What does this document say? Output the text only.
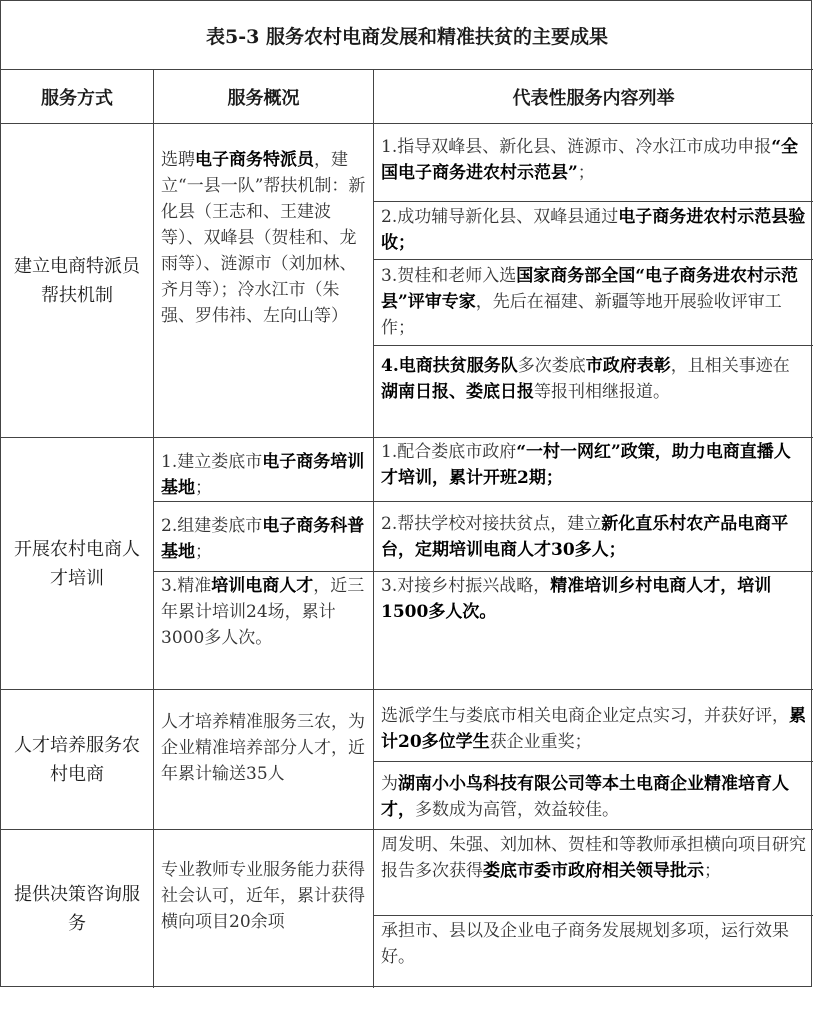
表5-3 服务农村电商发展和精准扶贫的主要成果
服务方式	服务概况	代表性服务内容列举
建立电商特派员帮扶机制
选聘电子商务特派员，建立“一县一队”帮扶机制：新化县（王志和、王建波等）、双峰县（贺桂和、龙雨等）、涟源市（刘加林、齐月等）；冷水江市（朱强、罗伟祎、左向山等）
1.指导双峰县、新化县、涟源市、冷水江市成功申报“全国电子商务进农村示范县”；
2.成功辅导新化县、双峰县通过电子商务进农村示范县验收；
3.贺桂和老师入选国家商务部全国“电子商务进农村示范县”评审专家，先后在福建、新疆等地开展验收评审工作；
4.电商扶贫服务队多次娄底市政府表彰，且相关事迹在湖南日报、娄底日报等报刊相继报道。
开展农村电商人才培训
1.建立娄底市电子商务培训基地；
1.配合娄底市政府“一村一网红”政策，助力电商直播人才培训，累计开班2期；
2.组建娄底市电子商务科普基地；
2.帮扶学校对接扶贫点，建立新化直乐村农产品电商平台，定期培训电商人才30多人；
3.精准培训电商人才，近三年累计培训24场，累计3000多人次。
3.对接乡村振兴战略，精准培训乡村电商人才，培训1500多人次。
人才培养服务农村电商
人才培养精准服务三农，为企业精准培养部分人才，近年累计输送35人
选派学生与娄底市相关电商企业定点实习，并获好评，累计20多位学生获企业重奖；
为湖南小小鸟科技有限公司等本土电商企业精准培育人才，多数成为高管，效益较佳。
提供决策咨询服务
专业教师专业服务能力获得社会认可，近年，累计获得横向项目20余项
周发明、朱强、刘加林、贺桂和等教师承担横向项目研究报告多次获得娄底市委市政府相关领导批示；
承担市、县以及企业电子商务发展规划多项，运行效果好。
